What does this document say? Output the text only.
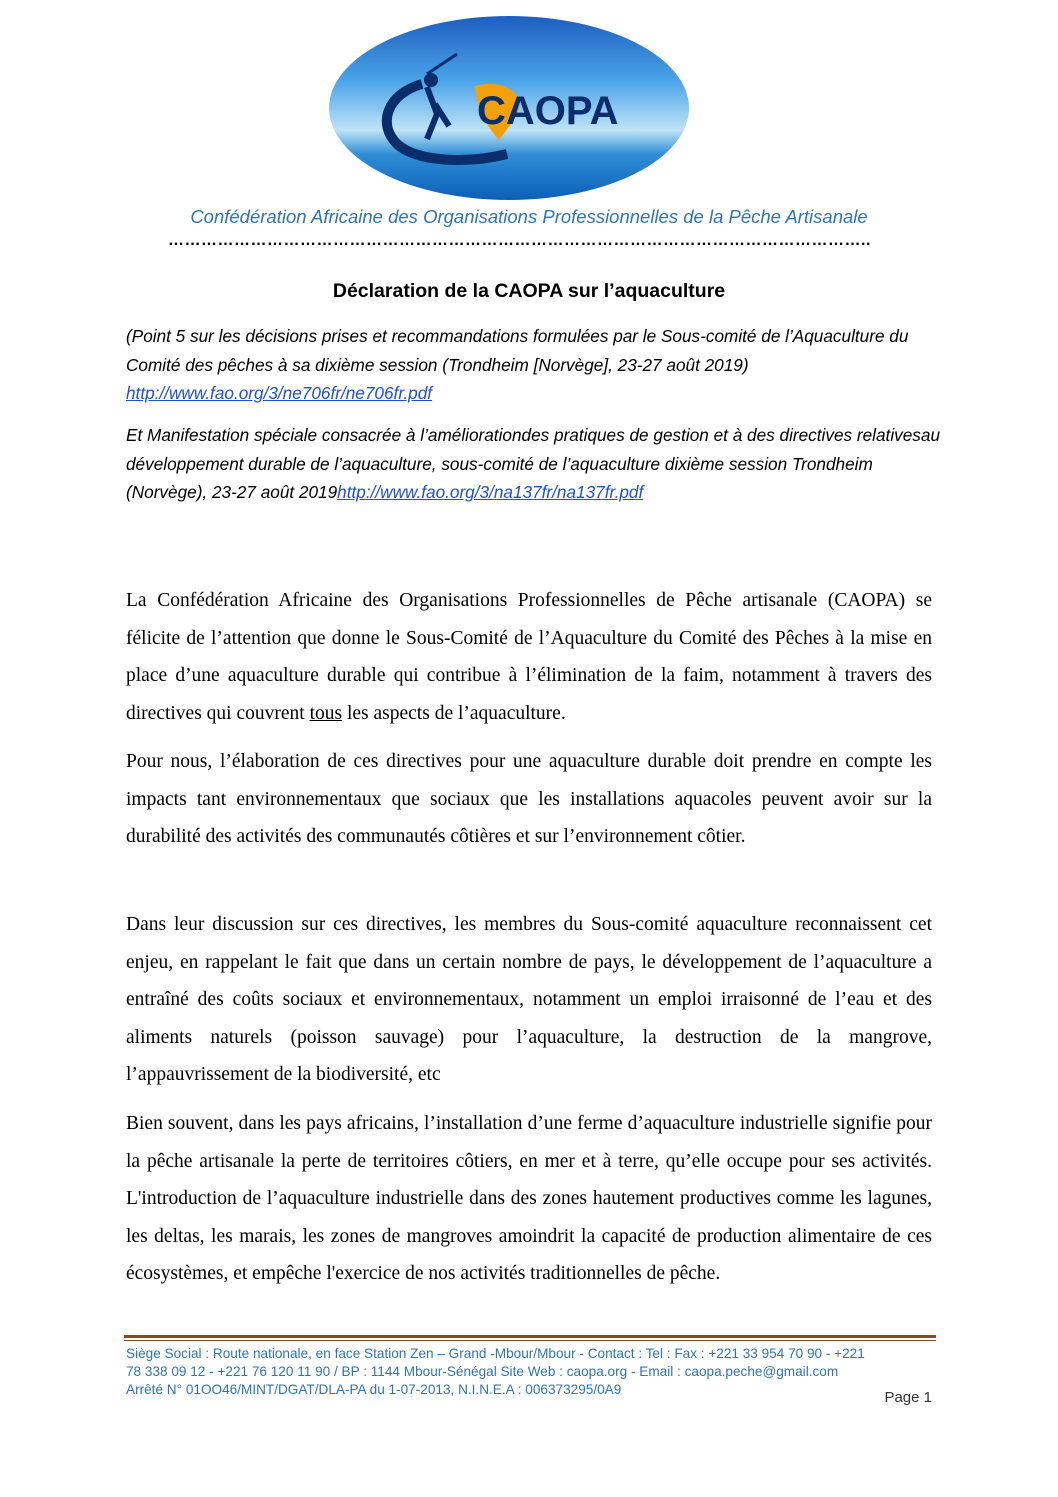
CAOPA
Confédération Africaine des Organisations Professionnelles de la Pêche Artisanale
………………………………………………………………………………………………………………..
Déclaration de la CAOPA sur l’aquaculture

(Point 5 sur les décisions prises et recommandations formulées par le Sous-comité de l’Aquaculture du Comité des pêches à sa dixième session (Trondheim [Norvège], 23-27 août 2019) http://www.fao.org/3/ne706fr/ne706fr.pdf

Et Manifestation spéciale consacrée à l’améliorationdes pratiques de gestion et à des directives relativesau développement durable de l’aquaculture, sous-comité de l’aquaculture dixième session Trondheim (Norvège), 23-27 août 2019http://www.fao.org/3/na137fr/na137fr.pdf

La Confédération Africaine des Organisations Professionnelles de Pêche artisanale (CAOPA) se félicite de l’attention que donne le Sous-Comité de l’Aquaculture du Comité des Pêches à la mise en place d’une aquaculture durable qui contribue à l’élimination de la faim, notamment à travers des directives qui couvrent tous les aspects de l’aquaculture.

Pour nous, l’élaboration de ces directives pour une aquaculture durable doit prendre en compte les impacts tant environnementaux que sociaux que les installations aquacoles peuvent avoir sur la durabilité des activités des communautés côtières et sur l’environnement côtier.

Dans leur discussion sur ces directives, les membres du Sous-comité aquaculture reconnaissent cet enjeu, en rappelant le fait que dans un certain nombre de pays, le développement de l’aquaculture a entraîné des coûts sociaux et environnementaux, notamment un emploi irraisonné de l’eau et des aliments naturels (poisson sauvage) pour l’aquaculture, la destruction de la mangrove, l’appauvrissement de la biodiversité, etc

Bien souvent, dans les pays africains, l’installation d’une ferme d’aquaculture industrielle signifie pour la pêche artisanale la perte de territoires côtiers, en mer et à terre, qu’elle occupe pour ses activités. L'introduction de l’aquaculture industrielle dans des zones hautement productives comme les lagunes, les deltas, les marais, les zones de mangroves amoindrit la capacité de production alimentaire de ces écosystèmes, et empêche l'exercice de nos activités traditionnelles de pêche.

Siège Social : Route nationale, en face Station Zen – Grand -Mbour/Mbour - Contact : Tel : Fax : +221 33 954 70 90 - +221
78 338 09 12 - +221 76 120 11 90 / BP : 1144 Mbour-Sénégal Site Web : caopa.org - Email : caopa.peche@gmail.com
Arrêté N° 01OO46/MINT/DGAT/DLA-PA du 1-07-2013, N.I.N.E.A : 006373295/0A9	Page 1
